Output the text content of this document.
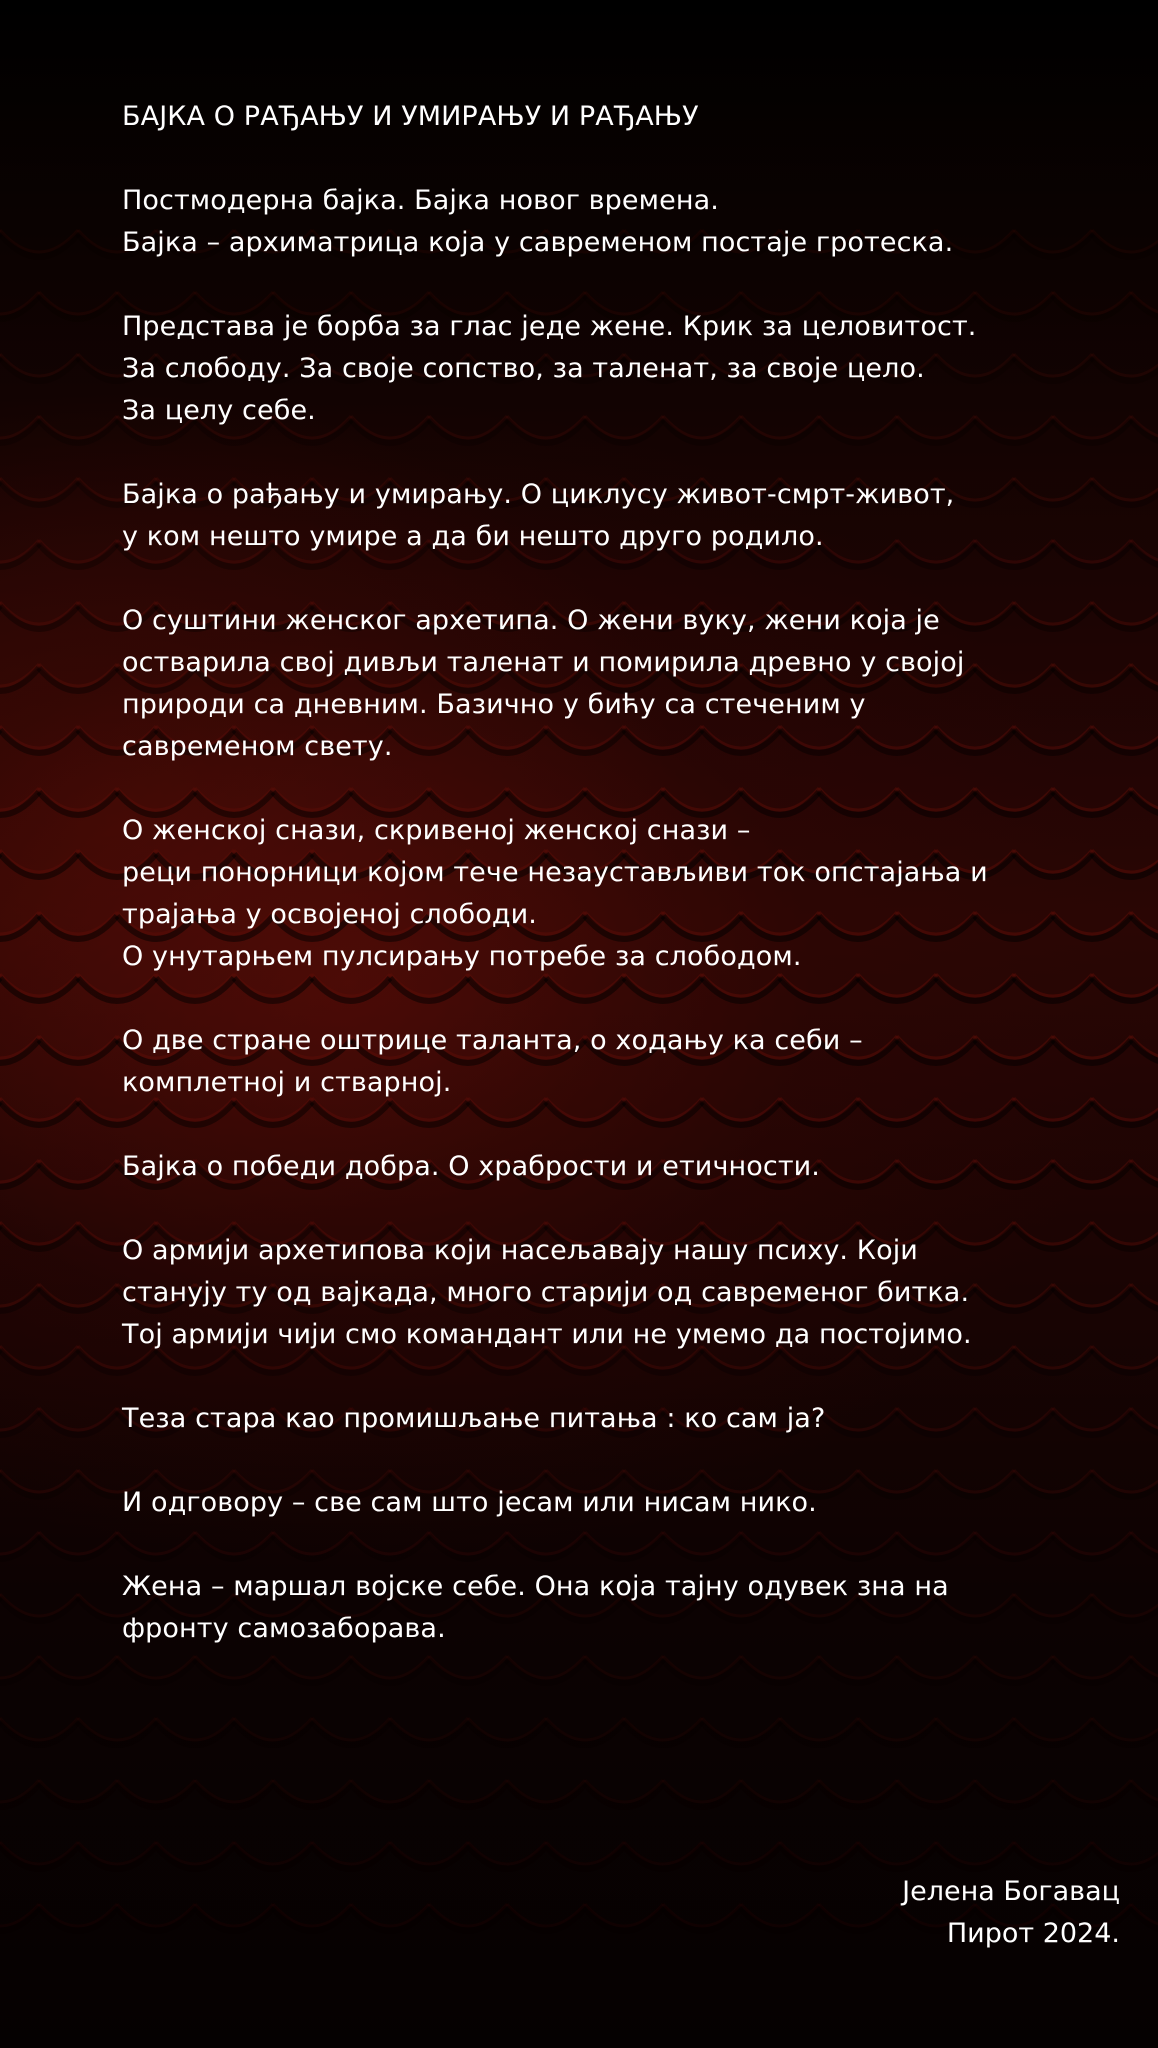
БАЈКА О РАЂАЊУ И УМИРАЊУ И РАЂАЊУ
Постмодерна бајка. Бајка новог времена.
Бајка – архиматрица која у савременом постаје гротеска.
Представа је борба за глас једе жене. Крик за целовитост.
За слободу. За своје сопство, за таленат, за своје цело.
За целу себе.
Бајка о рађању и умирању. О циклусу живот-смрт-живот,
у ком нешто умире а да би нешто друго родило.
О суштини женског архетипа. О жени вуку, жени која је
остварила свој дивљи таленат и помирила древно у својој
природи са дневним. Базично у бићу са стеченим у
савременом свету.
О женској снази, скривеној женској снази –
реци понорници којом тече незаустављиви ток опстајања и
трајања у освојеној слободи.
О унутарњем пулсирању потребе за слободом.
О две стране оштрице таланта, о ходању ка себи –
комплетној и стварној.
Бајка о победи добра. О храбрости и етичности.
О армији архетипова који насељавају нашу психу. Који
станују ту од вајкада, много старији од савременог битка.
Тој армији чији смо командант или не умемо да постојимо.
Теза стара као промишљање питања : ко сам ја?
И одговору – све сам што јесам или нисам нико.
Жена – маршал војске себе. Она која тајну одувек зна на
фронту самозаборава.
Јелена Богавац
Пирот 2024.
